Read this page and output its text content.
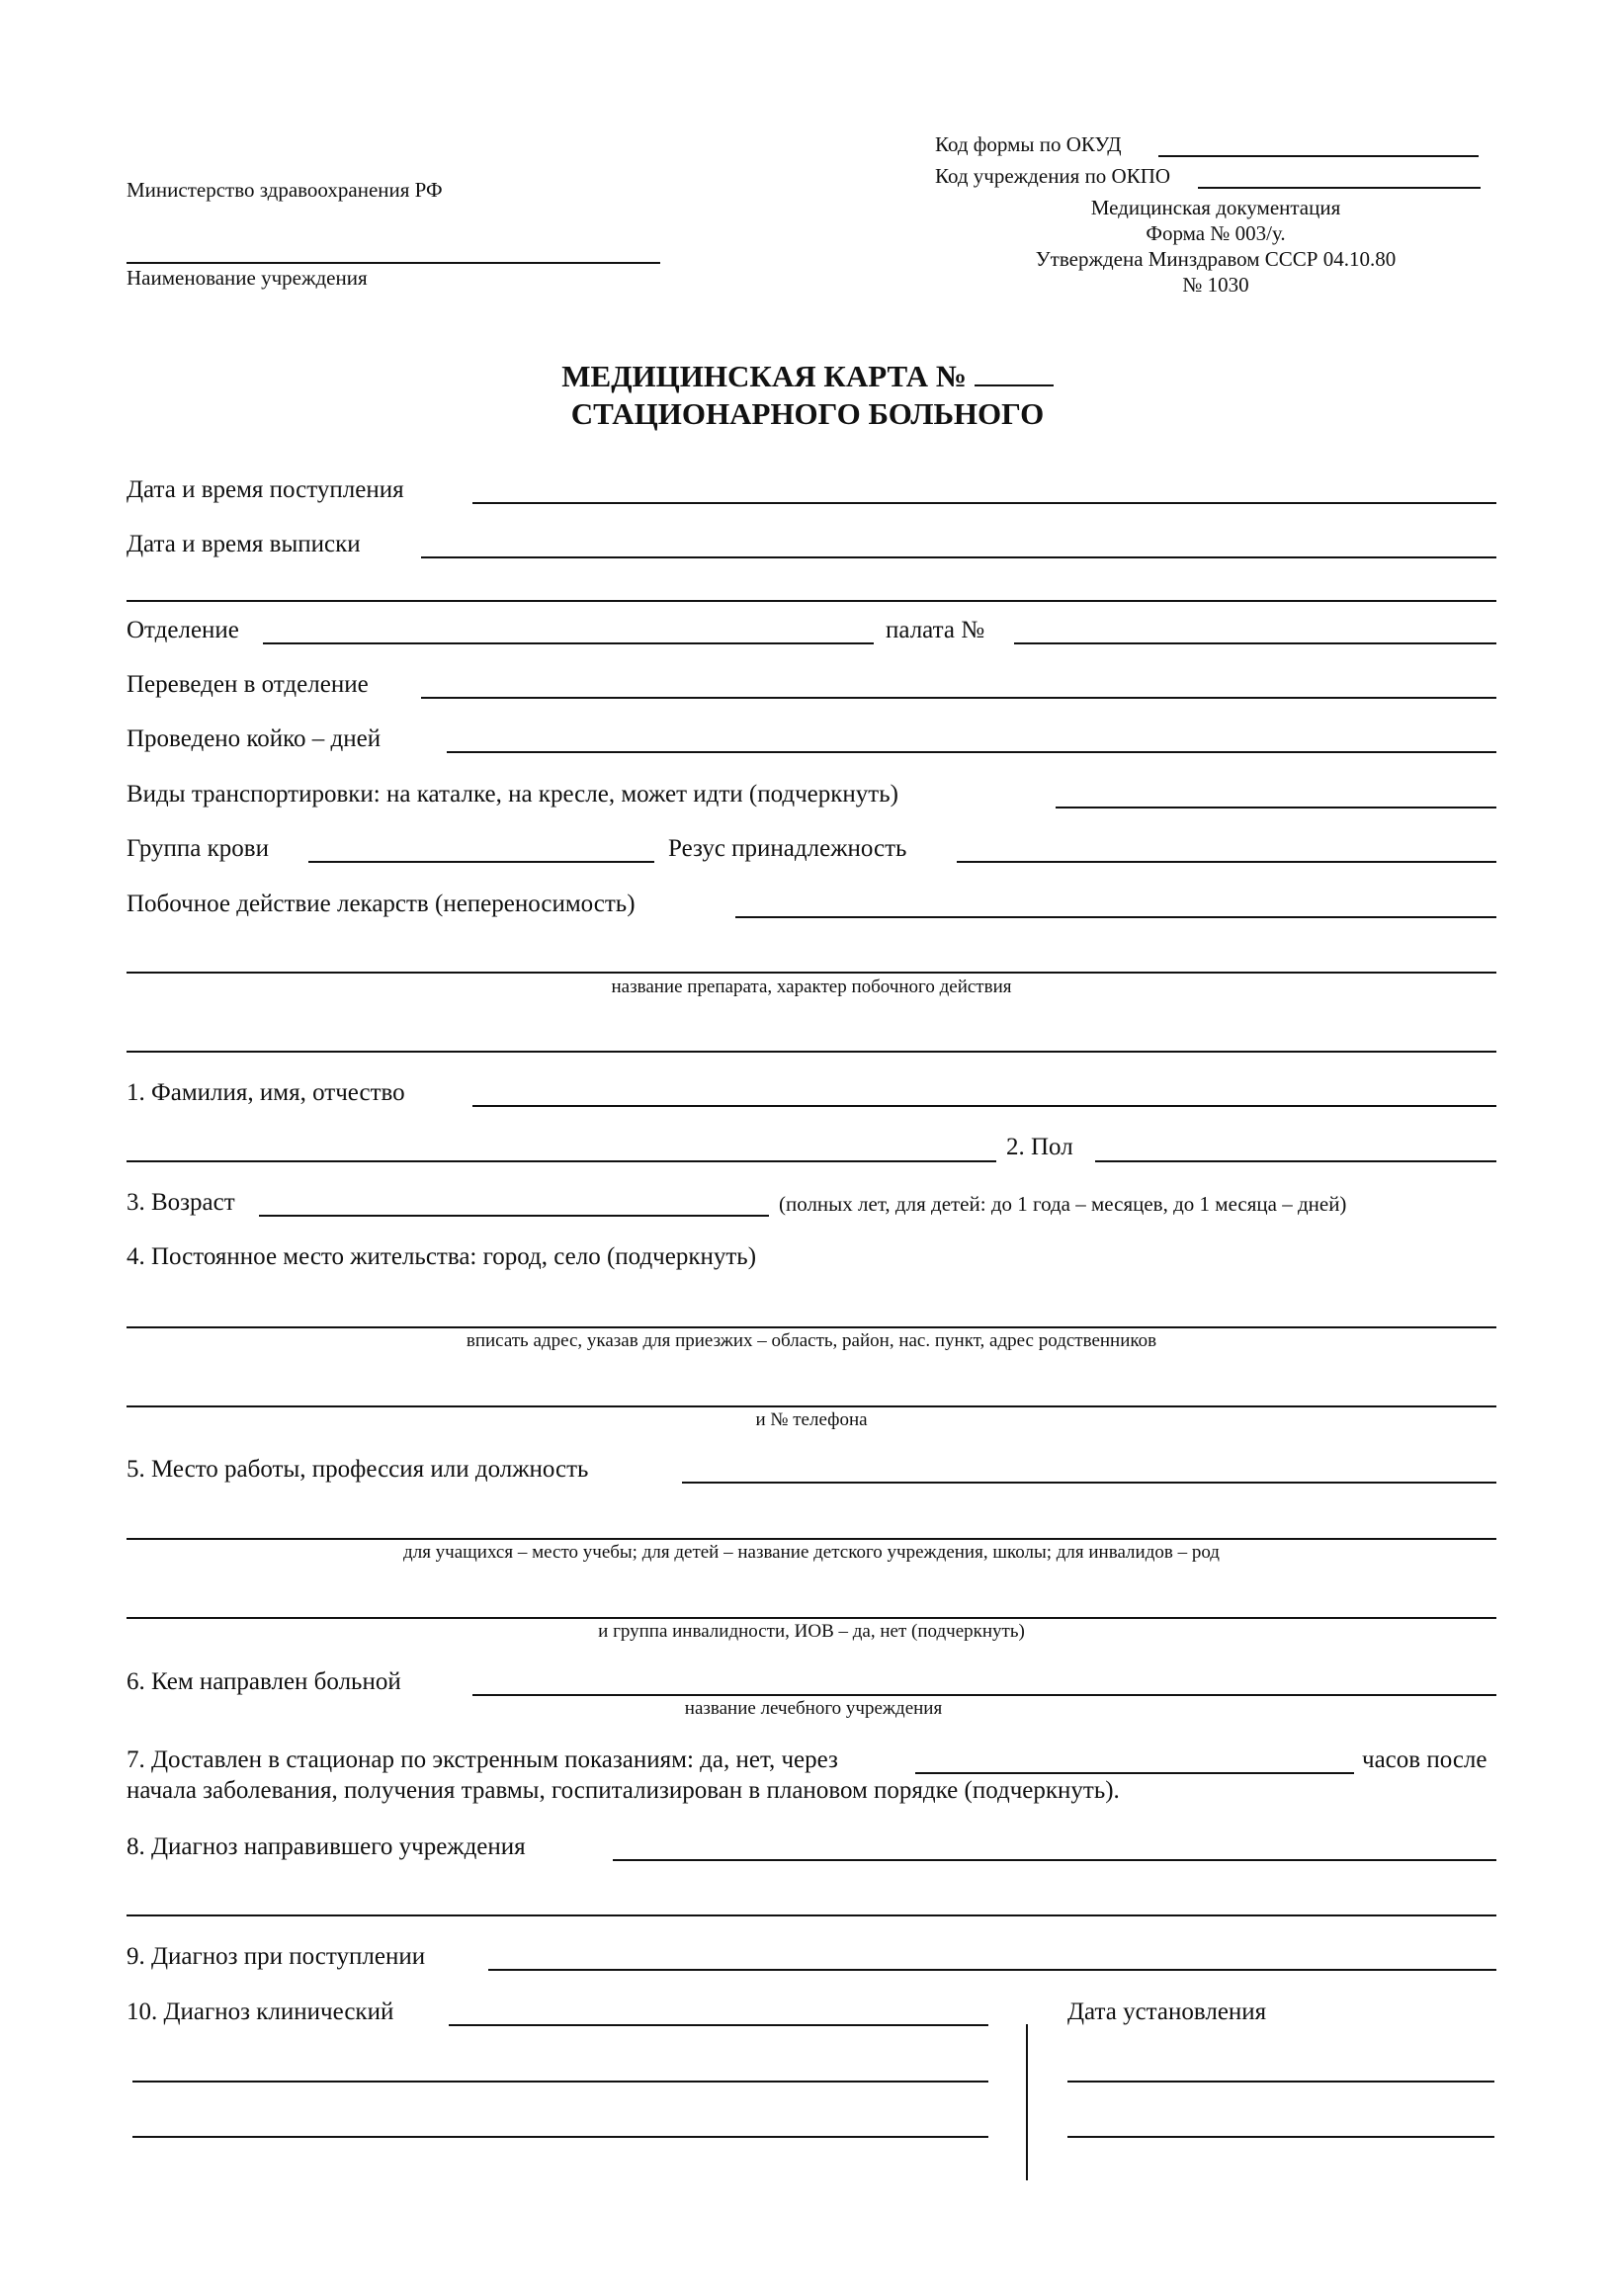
Код формы по ОКУД
Код учреждения по ОКПО
Медицинская документация
Форма № 003/у.
Утверждена Минздравом СССР 04.10.80
№ 1030
Министерство здравоохранения РФ
Наименование учреждения
МЕДИЦИНСКАЯ КАРТА №
СТАЦИОНАРНОГО БОЛЬНОГО
Дата и время поступления
Дата и время выписки
Отделение	палата №
Переведен в отделение
Проведено койко – дней
Виды транспортировки: на каталке, на кресле, может идти (подчеркнуть)
Группа крови	Резус принадлежность
Побочное действие лекарств (непереносимость)
название препарата, характер побочного действия
1. Фамилия, имя, отчество
2. Пол
3. Возраст	(полных лет, для детей: до 1 года – месяцев, до 1 месяца – дней)
4. Постоянное место жительства: город, село (подчеркнуть)
вписать адрес, указав для приезжих – область, район, нас. пункт, адрес родственников
и № телефона
5. Место работы, профессия или должность
для учащихся – место учебы; для детей – название детского учреждения, школы; для инвалидов – род
и группа инвалидности, ИОВ – да, нет (подчеркнуть)
6. Кем направлен больной
название лечебного учреждения
7. Доставлен в стационар по экстренным показаниям: да, нет, через	часов после
начала заболевания, получения травмы, госпитализирован в плановом порядке (подчеркнуть).
8. Диагноз направившего учреждения
9. Диагноз при поступлении
10. Диагноз клинический	Дата установления
